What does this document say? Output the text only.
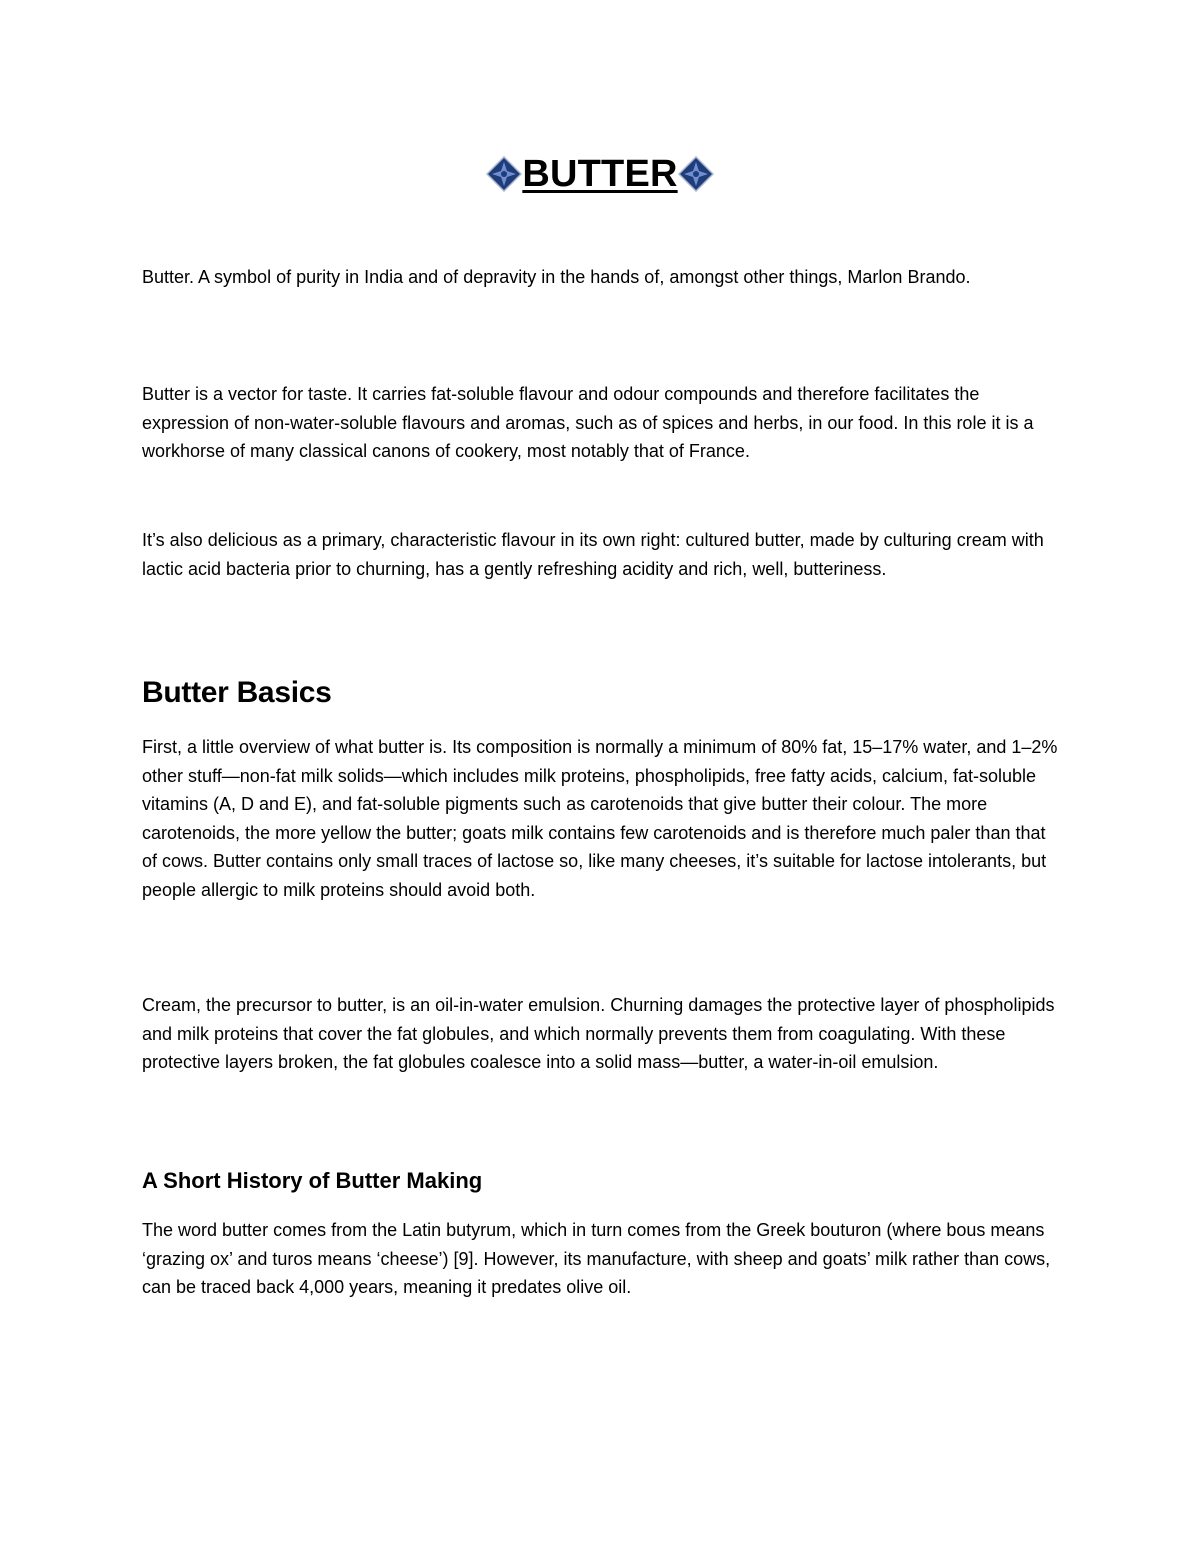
BUTTER

Butter. A symbol of purity in India and of depravity in the hands of, amongst other things, Marlon Brando.

Butter is a vector for taste. It carries fat-soluble flavour and odour compounds and therefore facilitates the expression of non-water-soluble flavours and aromas, such as of spices and herbs, in our food. In this role it is a workhorse of many classical canons of cookery, most notably that of France.

It’s also delicious as a primary, characteristic flavour in its own right: cultured butter, made by culturing cream with lactic acid bacteria prior to churning, has a gently refreshing acidity and rich, well, butteriness.

Butter Basics

First, a little overview of what butter is. Its composition is normally a minimum of 80% fat, 15–17% water, and 1–2% other stuff—non-fat milk solids—which includes milk proteins, phospholipids, free fatty acids, calcium, fat-soluble vitamins (A, D and E), and fat-soluble pigments such as carotenoids that give butter their colour. The more carotenoids, the more yellow the butter; goats milk contains few carotenoids and is therefore much paler than that of cows. Butter contains only small traces of lactose so, like many cheeses, it’s suitable for lactose intolerants, but people allergic to milk proteins should avoid both.

Cream, the precursor to butter, is an oil-in-water emulsion. Churning damages the protective layer of phospholipids and milk proteins that cover the fat globules, and which normally prevents them from coagulating. With these protective layers broken, the fat globules coalesce into a solid mass—butter, a water-in-oil emulsion.

A Short History of Butter Making

The word butter comes from the Latin butyrum, which in turn comes from the Greek bouturon (where bous means ‘grazing ox’ and turos means ‘cheese’) [9]. However, its manufacture, with sheep and goats’ milk rather than cows, can be traced back 4,000 years, meaning it predates olive oil.
